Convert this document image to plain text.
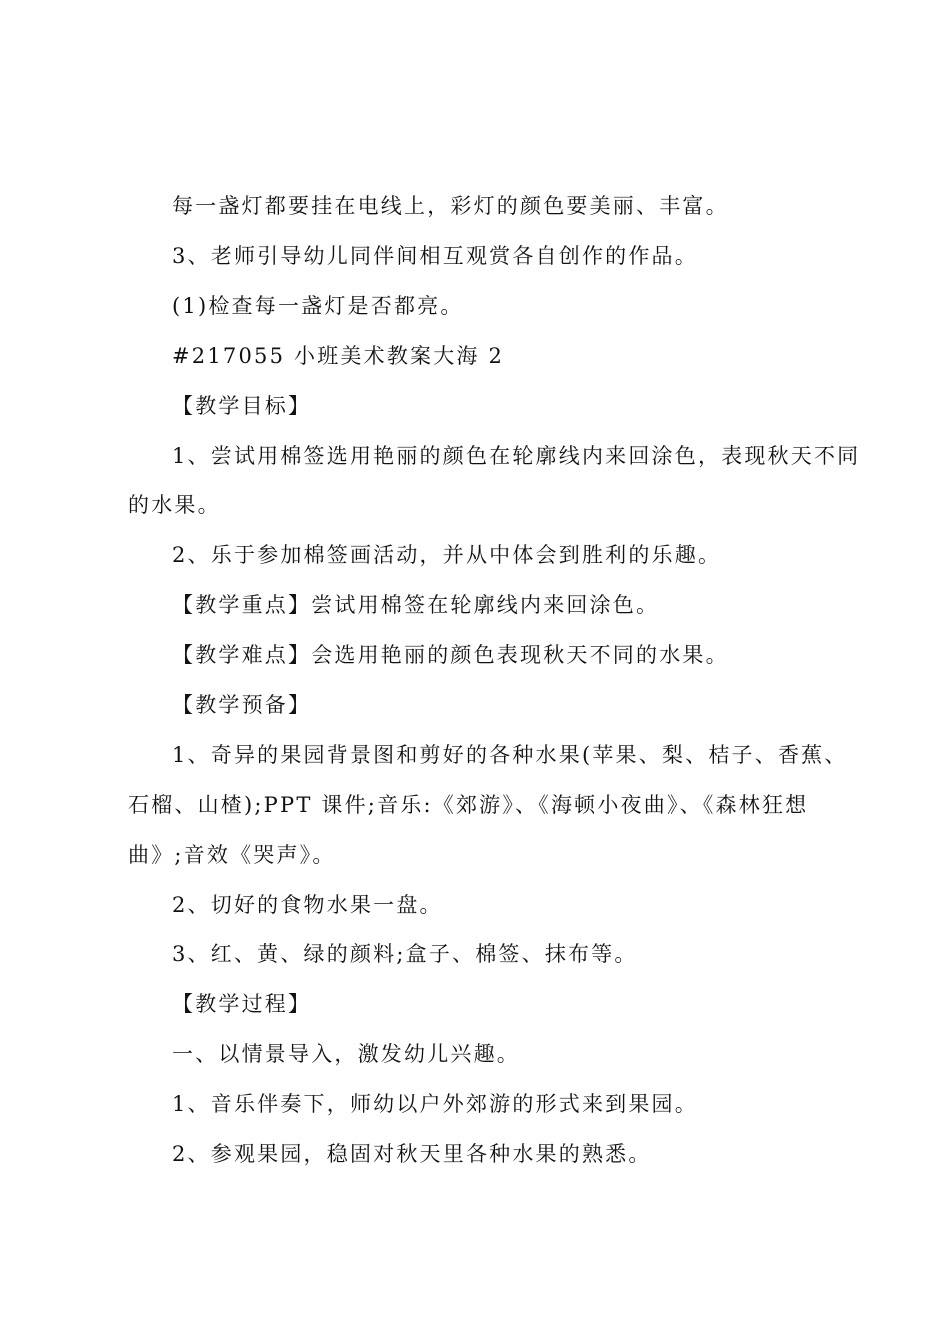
每一盏灯都要挂在电线上，彩灯的颜色要美丽、丰富。
3、老师引导幼儿同伴间相互观赏各自创作的作品。
(1)检查每一盏灯是否都亮。
#217055 小班美术教案大海 2
【教学目标】
1、尝试用棉签选用艳丽的颜色在轮廓线内来回涂色，表现秋天不同
的水果。
2、乐于参加棉签画活动，并从中体会到胜利的乐趣。
【教学重点】尝试用棉签在轮廓线内来回涂色。
【教学难点】会选用艳丽的颜色表现秋天不同的水果。
【教学预备】
1、奇异的果园背景图和剪好的各种水果(苹果、梨、桔子、香蕉、
石榴、山楂);PPT 课件;音乐:《郊游》、《海顿小夜曲》、《森林狂想
曲》;音效《哭声》。
2、切好的食物水果一盘。
3、红、黄、绿的颜料;盒子、棉签、抹布等。
【教学过程】
一、以情景导入，激发幼儿兴趣。
1、音乐伴奏下，师幼以户外郊游的形式来到果园。
2、参观果园，稳固对秋天里各种水果的熟悉。
